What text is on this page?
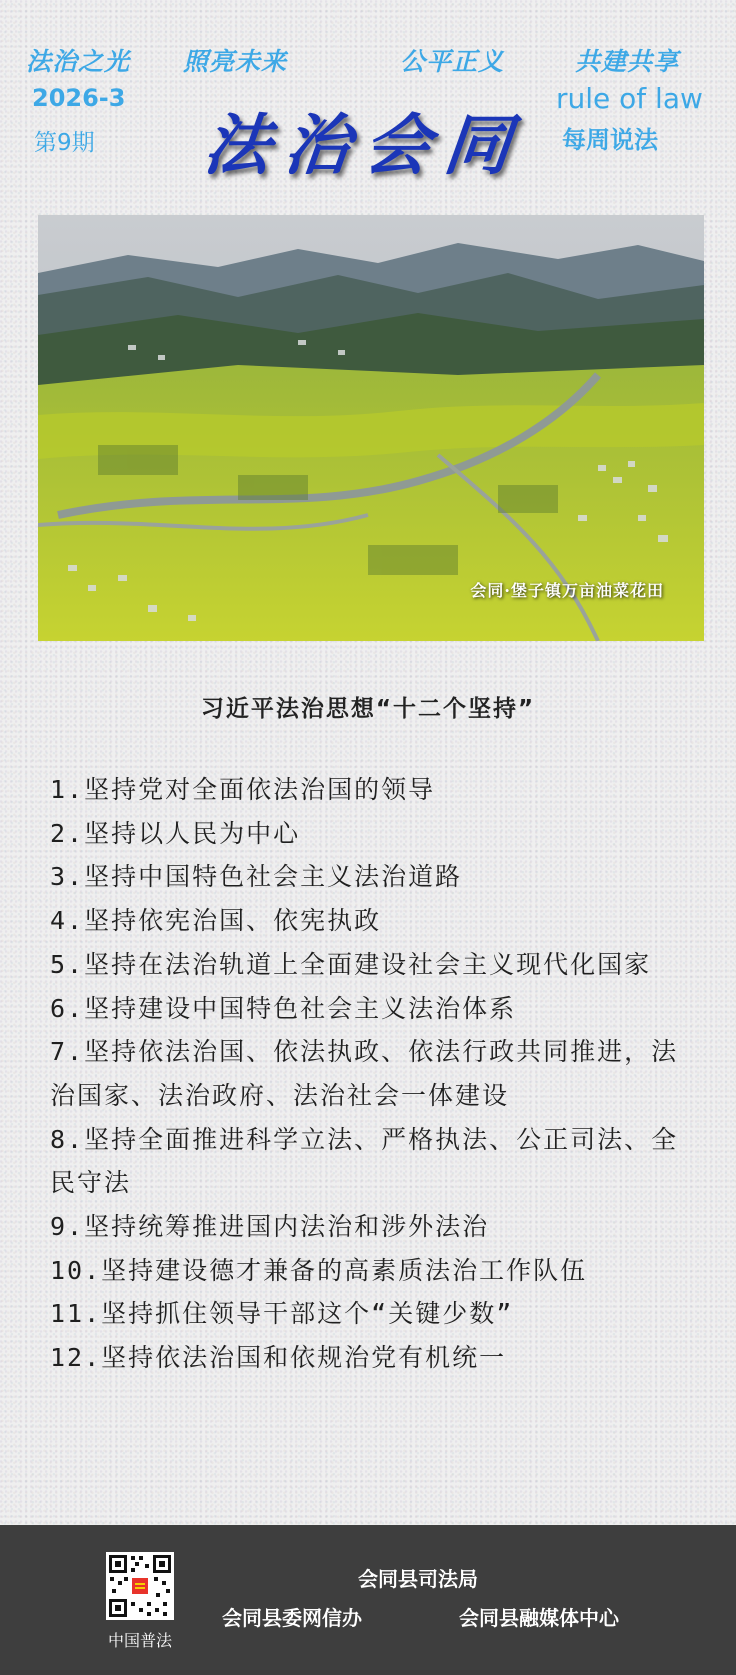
法治之光 照亮未来	公平正义	共建共享
2026-3
第9期
rule of law
每周说法
法治会同
会同·堡子镇万亩油菜花田
习近平法治思想“十二个坚持”
1.坚持党对全面依法治国的领导
2.坚持以人民为中心
3.坚持中国特色社会主义法治道路
4.坚持依宪治国、依宪执政
5.坚持在法治轨道上全面建设社会主义现代化国家
6.坚持建设中国特色社会主义法治体系
7.坚持依法治国、依法执政、依法行政共同推进，法治国家、法治政府、法治社会一体建设
8.坚持全面推进科学立法、严格执法、公正司法、全民守法
9.坚持统筹推进国内法治和涉外法治
10.坚持建设德才兼备的高素质法治工作队伍
11.坚持抓住领导干部这个“关键少数”
12.坚持依法治国和依规治党有机统一
中国普法
会同县司法局
会同县委网信办	会同县融媒体中心
